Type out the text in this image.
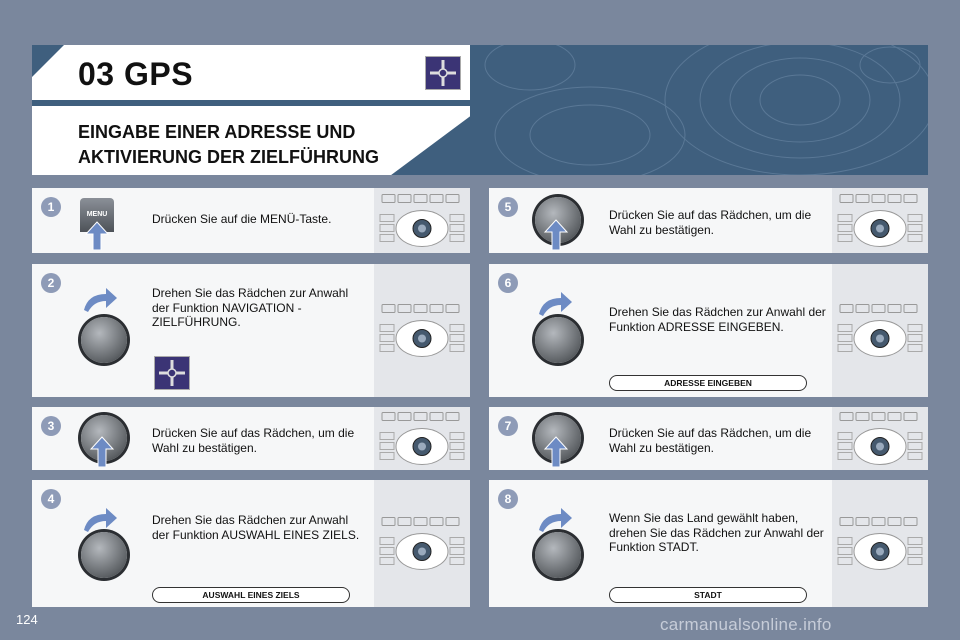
03 GPS
EINGABE EINER ADRESSE UND
AKTIVIERUNG DER ZIELFÜHRUNG
1
MENU	Drücken Sie auf die MENÜ-Taste.
2
Drehen Sie das Rädchen zur Anwahl der Funktion NAVIGATION - ZIELFÜHRUNG.
3	Drücken Sie auf das Rädchen, um die Wahl zu bestätigen.
4
Drehen Sie das Rädchen zur Anwahl der Funktion AUSWAHL EINES ZIELS.
AUSWAHL EINES ZIELS
5
Drücken Sie auf das Rädchen, um die Wahl zu bestätigen.
6
Drehen Sie das Rädchen zur Anwahl der Funktion ADRESSE EINGEBEN.
ADRESSE EINGEBEN
7	Drücken Sie auf das Rädchen, um die Wahl zu bestätigen.
8
Wenn Sie das Land gewählt haben, drehen Sie das Rädchen zur Anwahl der Funktion STADT.
STADT
124	carmanualsonline.info
